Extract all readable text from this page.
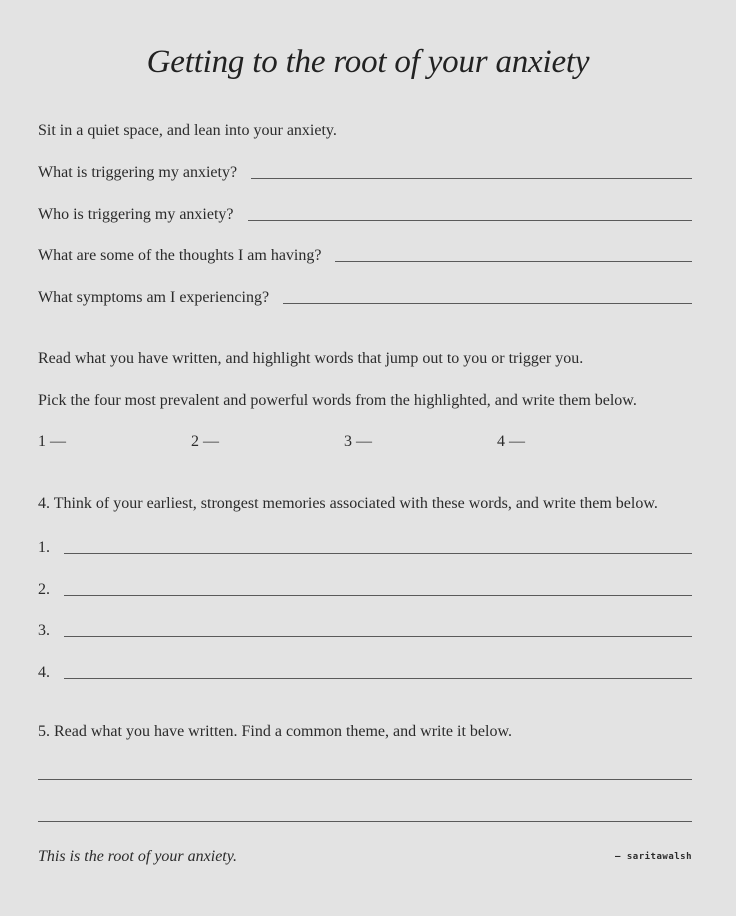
Getting to the root of your anxiety
Sit in a quiet space, and lean into your anxiety.
What is triggering my anxiety?
Who is triggering my anxiety?
What are some of the thoughts I am having?
What symptoms am I experiencing?
Read what you have written, and highlight words that jump out to you or trigger you.
Pick the four most prevalent and powerful words from the highlighted, and write them below.
1 —	2 —	3 —	4 —
4. Think of your earliest, strongest memories associated with these words, and write them below.
1.
2.
3.
4.
5. Read what you have written. Find a common theme, and write it below.
This is the root of your anxiety.	— saritawalsh
